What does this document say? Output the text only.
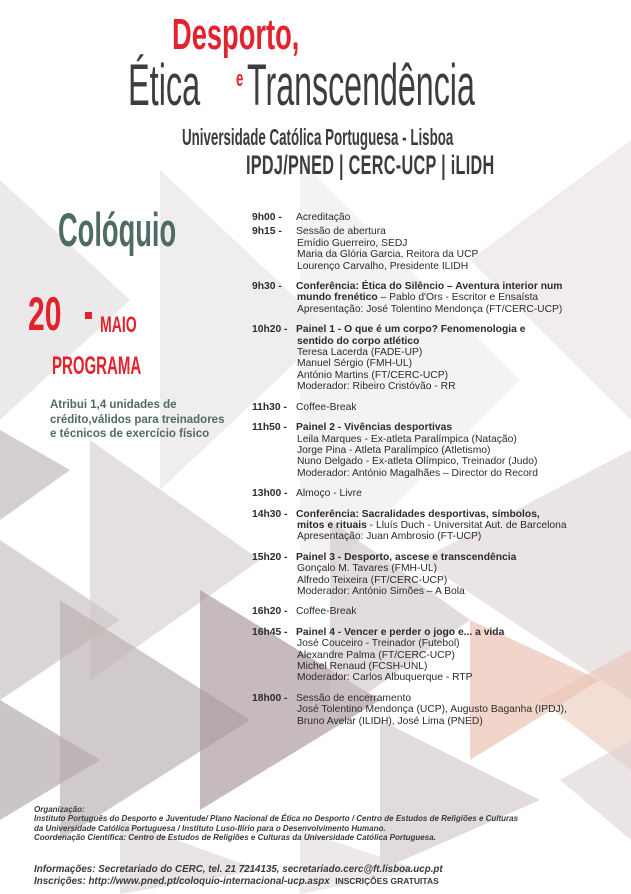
Desporto,
Ética e Transcendência
Universidade Católica Portuguesa - Lisboa
IPDJ/PNED | CERC-UCP | iLIDH
Colóquio
20 MAIO
PROGRAMA
Atribui 1,4 unidades de crédito,válidos para treinadores e técnicos de exercício físico
9h00 - Acreditação
9h15 - Sessão de abertura
Emídio Guerreiro, SEDJ
Maria da Glória Garcia, Reitora da UCP
Lourenço Carvalho, Presidente ILIDH
9h30 - Conferência: Ética do Silêncio – Aventura interior num
mundo frenético – Pablo d'Ors - Escritor e Ensaísta
Apresentação: José Tolentino Mendonça (FT/CERC-UCP)
10h20 - Painel 1 - O que é um corpo? Fenomenologia e
sentido do corpo atlético
Teresa Lacerda (FADE-UP)
Manuel Sérgio (FMH-UL)
António Martins (FT/CERC-UCP)
Moderador: Ribeiro Cristóvão - RR
11h30 - Coffee-Break
11h50 - Painel 2 - Vivências desportivas
Leila Marques - Ex-atleta Paralímpica (Natação)
Jorge Pina - Atleta Paralímpico (Atletismo)
Nuno Delgado - Ex-atleta Olímpico, Treinador (Judo)
Moderador: António Magalhães – Director do Record
13h00 - Almoço - Livre
14h30 - Conferência: Sacralidades desportivas, símbolos,
mitos e rituais - Lluís Duch - Universitat Aut. de Barcelona
Apresentação: Juan Ambrosio (FT-UCP)
15h20 - Painel 3 - Desporto, ascese e transcendência
Gonçalo M. Tavares (FMH-UL)
Alfredo Teixeira (FT/CERC-UCP)
Moderador: António Simões – A Bola
16h20 - Coffee-Break
16h45 - Painel 4 - Vencer e perder o jogo e... a vida
José Couceiro - Treinador (Futebol)
Alexandre Palma (FT/CERC-UCP)
Michel Renaud (FCSH-UNL)
Moderador: Carlos Albuquerque - RTP
18h00 - Sessão de encerramento
José Tolentino Mendonça (UCP), Augusto Baganha (IPDJ),
Bruno Avelar (ILIDH), José Lima (PNED)
Organização:
Instituto Português do Desporto e Juventude/ Plano Nacional de Ética no Desporto / Centro de Estudos de Religiões e Culturas
da Universidade Católica Portuguesa / Instituto Luso-Ilírio para o Desenvolvimento Humano.
Coordenação Científica: Centro de Estudos de Religiões e Culturas da Universidade Católica Portuguesa.
Informações: Secretariado do CERC, tel. 21 7214135, secretariado.cerc@ft.lisboa.ucp.pt
Inscrições: http://www.pned.pt/coloquio-internacional-ucp.aspx INSCRIÇÕES GRATUITAS
